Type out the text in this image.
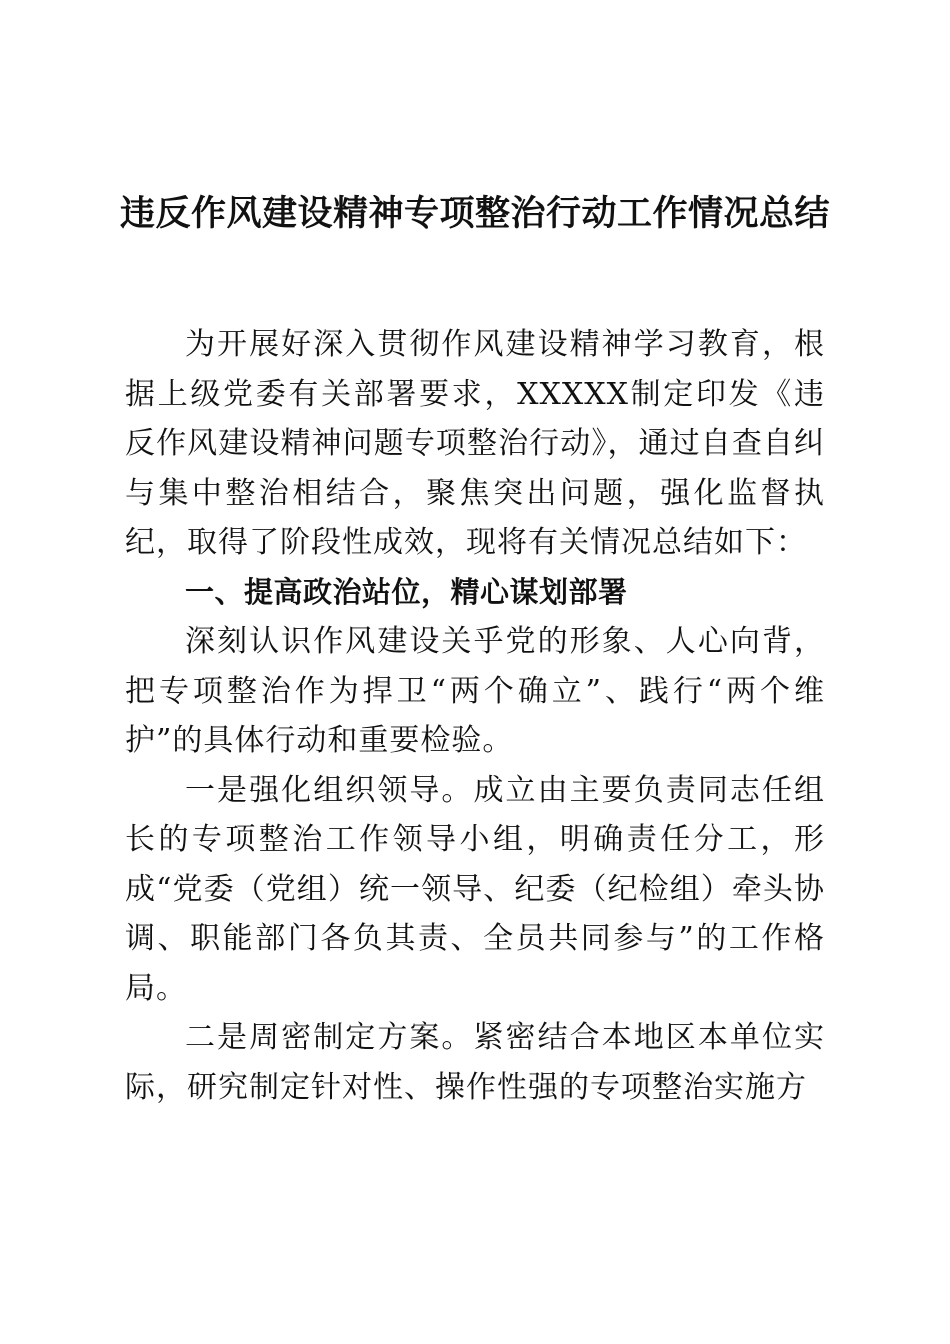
违反作风建设精神专项整治行动工作情况总结

为开展好深入贯彻作风建设精神学习教育，根据上级党委有关部署要求，XXXXX制定印发《违反作风建设精神问题专项整治行动》，通过自查自纠与集中整治相结合，聚焦突出问题，强化监督执纪，取得了阶段性成效，现将有关情况总结如下：

一、提高政治站位，精心谋划部署

深刻认识作风建设关乎党的形象、人心向背，把专项整治作为捍卫“两个确立”、践行“两个维护”的具体行动和重要检验。

一是强化组织领导。成立由主要负责同志任组长的专项整治工作领导小组，明确责任分工，形成“党委（党组）统一领导、纪委（纪检组）牵头协调、职能部门各负其责、全员共同参与”的工作格局。

二是周密制定方案。紧密结合本地区本单位实际，研究制定针对性、操作性强的专项整治实施方
